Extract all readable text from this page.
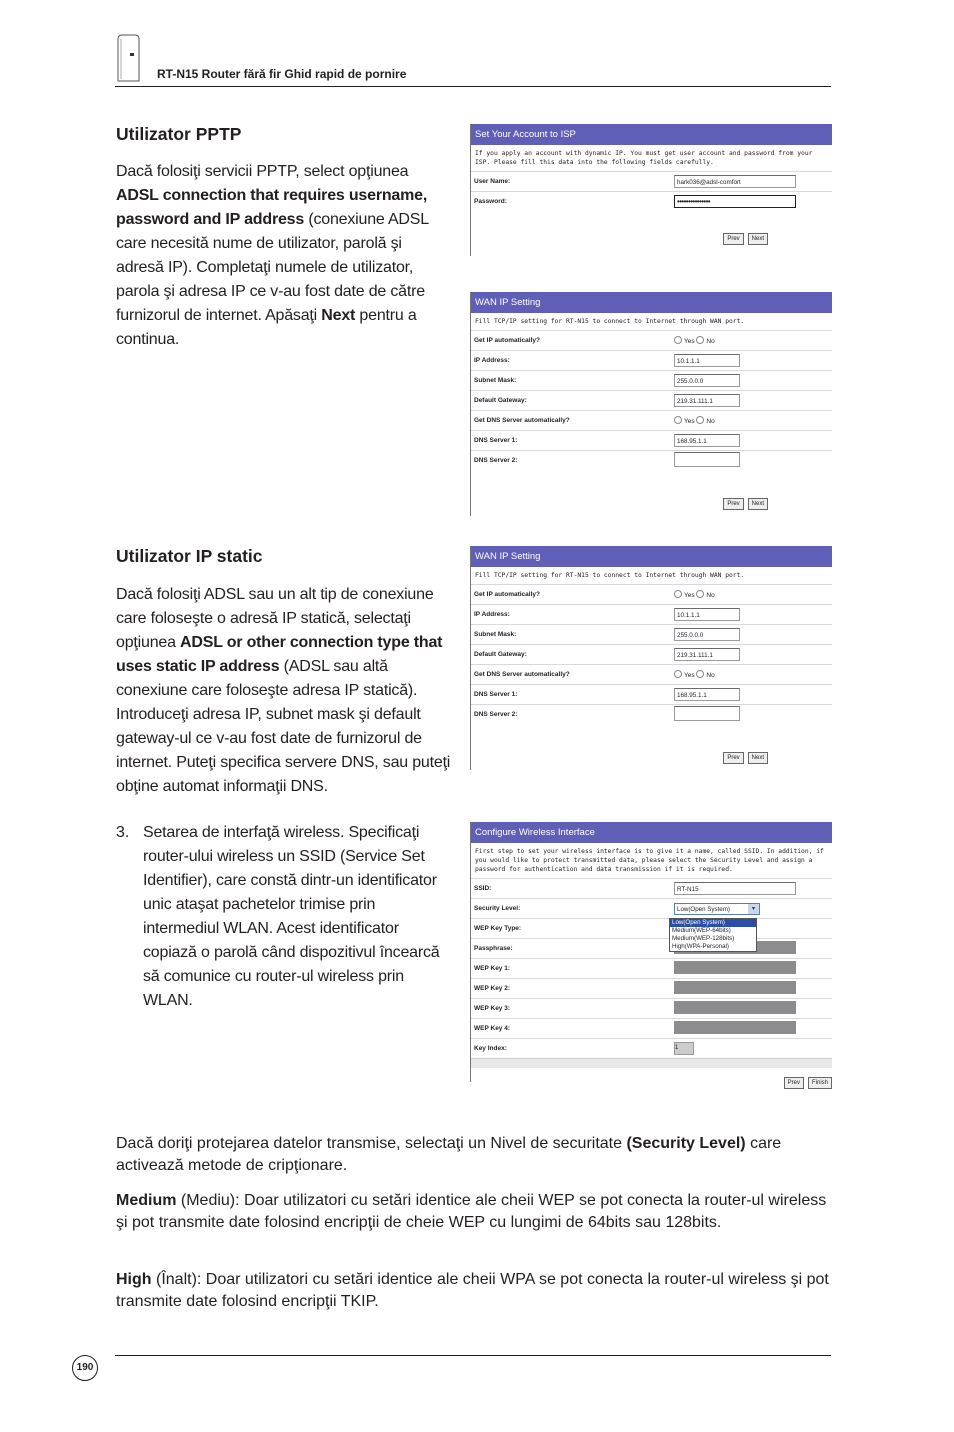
RT-N15 Router fără fir Ghid rapid de pornire
Utilizator PPTP
Dacă folosiţi servicii PPTP, select opţiunea ADSL connection that requires username, password and IP address (conexiune ADSL care necesită nume de utilizator, parolă şi adresă IP). Completaţi numele de utilizator, parola şi adresa IP ce v-au fost date de către furnizorul de internet. Apăsaţi Next pentru a continua.
Set Your Account to ISP
If you apply an account with dynamic IP. You must get user account and password from your ISP. Please fill this data into the following fields carefully.
User Name:	hark036@adsl-comfort
Password:	•••••••••••••••
Prev Next
WAN IP Setting
Fill TCP/IP setting for RT-N15 to connect to Internet through WAN port.
Get IP automatically?	Yes No
IP Address:	10.1.1.1
Subnet Mask:	255.0.0.0
Default Gateway:	219.31.111.1
Get DNS Server automatically?	Yes No
DNS Server 1:	168.95.1.1
DNS Server 2:	
Prev Next
Utilizator IP static
Dacă folosiţi ADSL sau un alt tip de conexiune care foloseşte o adresă IP statică, selectaţi opţiunea ADSL or other connection type that uses static IP address (ADSL sau altă conexiune care foloseşte adresa IP statică). Introduceţi adresa IP, subnet mask şi default gateway-ul ce v-au fost date de furnizorul de internet. Puteţi specifica servere DNS, sau puteţi obţine automat informaţii DNS.
WAN IP Setting
Fill TCP/IP setting for RT-N15 to connect to Internet through WAN port.
Get IP automatically?	Yes No
IP Address:	10.1.1.1
Subnet Mask:	255.0.0.0
Default Gateway:	219.31.111.1
Get DNS Server automatically?	Yes No
DNS Server 1:	168.95.1.1
DNS Server 2:	
Prev Next
3. Setarea de interfaţă wireless. Specificaţi router-ului wireless un SSID (Service Set Identifier), care constă dintr-un identificator unic ataşat pachetelor trimise prin intermediul WLAN. Acest identificator copiază o parolă când dispozitivul încearcă să comunice cu router-ul wireless prin WLAN.
Configure Wireless Interface
First step to set your wireless interface is to give it a name, called SSID. In addition, if you would like to protect transmitted data, please select the Security Level and assign a password for authentication and data transmission if it is required.
SSID:	RT-N15
Security Level:	Low(Open System) ▾

WEP Key Type:	
Passphrase:	
WEP Key 1:	
WEP Key 2:	
WEP Key 3:	
WEP Key 4:	
Key Index:	1
Prev Finish
Low(Open System)
Medium(WEP-64bits)
Medium(WEP-128bits)
High(WPA-Personal)
Dacă doriţi protejarea datelor transmise, selectaţi un Nivel de securitate (Security Level) care activează metode de cripţionare.
Medium (Mediu): Doar utilizatori cu setări identice ale cheii WEP se pot conecta la router-ul wireless şi pot transmite date folosind encripţii de cheie WEP cu lungimi de 64bits sau 128bits.
High (Înalt): Doar utilizatori cu setări identice ale cheii WPA se pot conecta la router-ul wireless şi pot transmite date folosind encripţii TKIP.
190
